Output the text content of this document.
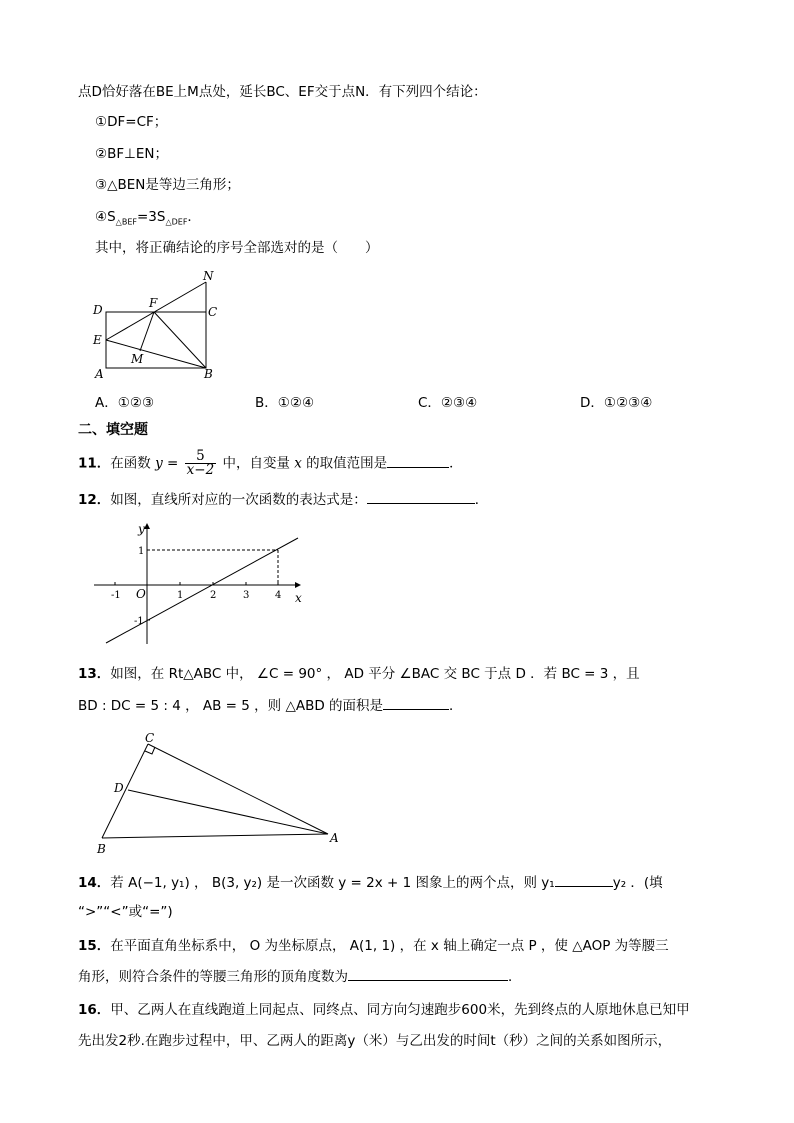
点D恰好落在BE上M点处，延长BC、EF交于点N．有下列四个结论：
①DF=CF；
②BF⊥EN；
③△BEN是等边三角形；
$④S_{\triangle BEF}=3S_{\triangle DEF}$．
其中，将正确结论的序号全部选对的是（　　）
N
D	F
C
E
M
A	B
A．①②③	B．①②④	C．②③④	D．①②③④
二、填空题
11．在函数 $y = \frac{5}{x-2}$ 中，自变量 x 的取值范围是	．
12．如图，直线所对应的一次函数的表达式是：	．
y
x
O
-1	1	2	3	4
1
-1
13．如图，在 Rt△ABC 中， ∠C = 90° ， AD 平分 ∠BAC 交 BC 于点 D ．若 BC = 3 ，且
BD : DC = 5 : 4 ， AB = 5 ，则 △ABD 的面积是	．
C
D
A
B
14．若 A(−1, y₁) ， B(3, y₂) 是一次函数 y = 2x + 1 图象上的两个点，则 y₁	y₂ ．(填
“>”“<”或“=”)
15．在平面直角坐标系中， O 为坐标原点， A(1, 1) ，在 x 轴上确定一点 P ，使 △AOP 为等腰三
角形，则符合条件的等腰三角形的顶角度数为	．
16．甲、乙两人在直线跑道上同起点、同终点、同方向匀速跑步600米，先到终点的人原地休息已知甲
先出发2秒.在跑步过程中，甲、乙两人的距离y（米）与乙出发的时间t（秒）之间的关系如图所示，
